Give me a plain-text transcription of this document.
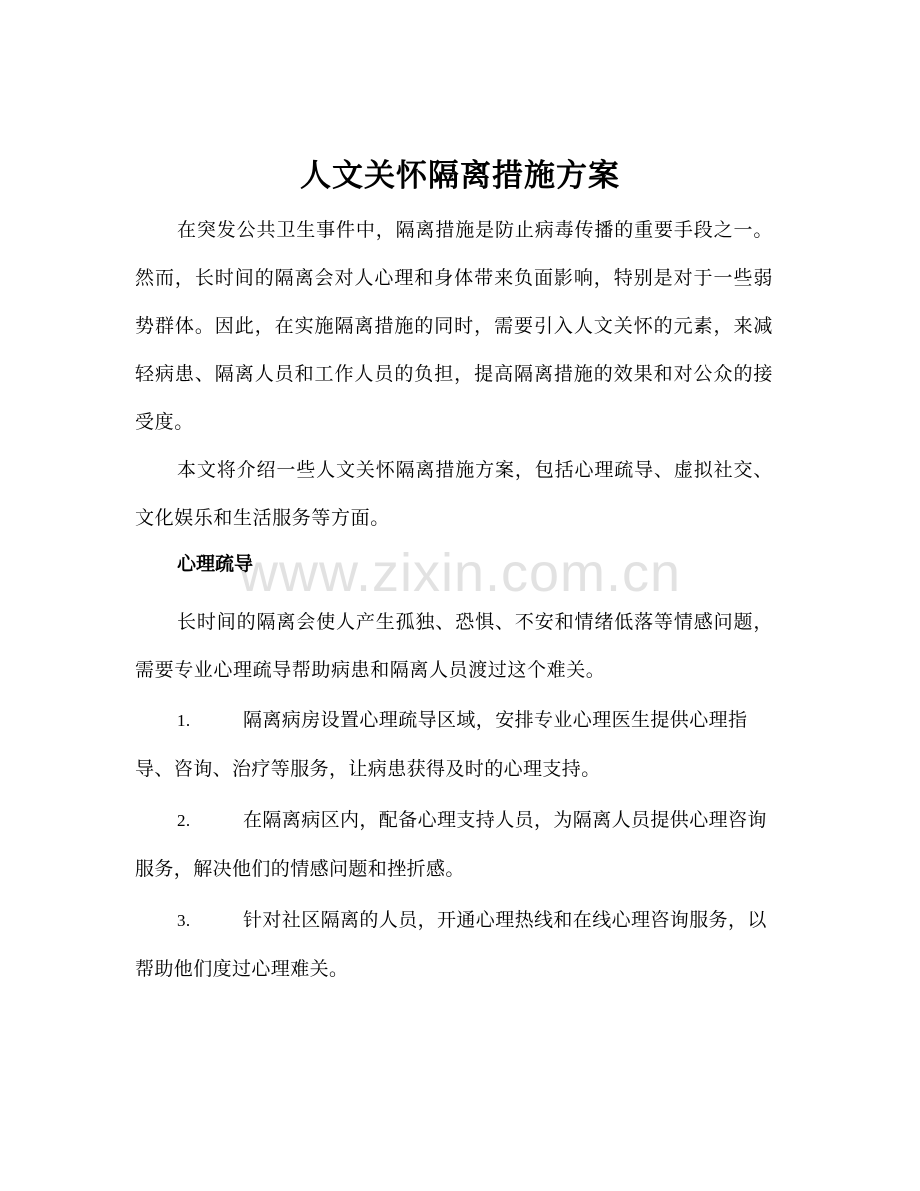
www.zixin.com.cn
人文关怀隔离措施方案

在突发公共卫生事件中，隔离措施是防止病毒传播的重要手段之一。然而，长时间的隔离会对人心理和身体带来负面影响，特别是对于一些弱势群体。因此，在实施隔离措施的同时，需要引入人文关怀的元素，来减轻病患、隔离人员和工作人员的负担，提高隔离措施的效果和对公众的接受度。

本文将介绍一些人文关怀隔离措施方案，包括心理疏导、虚拟社交、文化娱乐和生活服务等方面。

心理疏导

长时间的隔离会使人产生孤独、恐惧、不安和情绪低落等情感问题，需要专业心理疏导帮助病患和隔离人员渡过这个难关。

1.	隔离病房设置心理疏导区域，安排专业心理医生提供心理指导、咨询、治疗等服务，让病患获得及时的心理支持。
2.	在隔离病区内，配备心理支持人员，为隔离人员提供心理咨询服务，解决他们的情感问题和挫折感。
3.	针对社区隔离的人员，开通心理热线和在线心理咨询服务，以帮助他们度过心理难关。
